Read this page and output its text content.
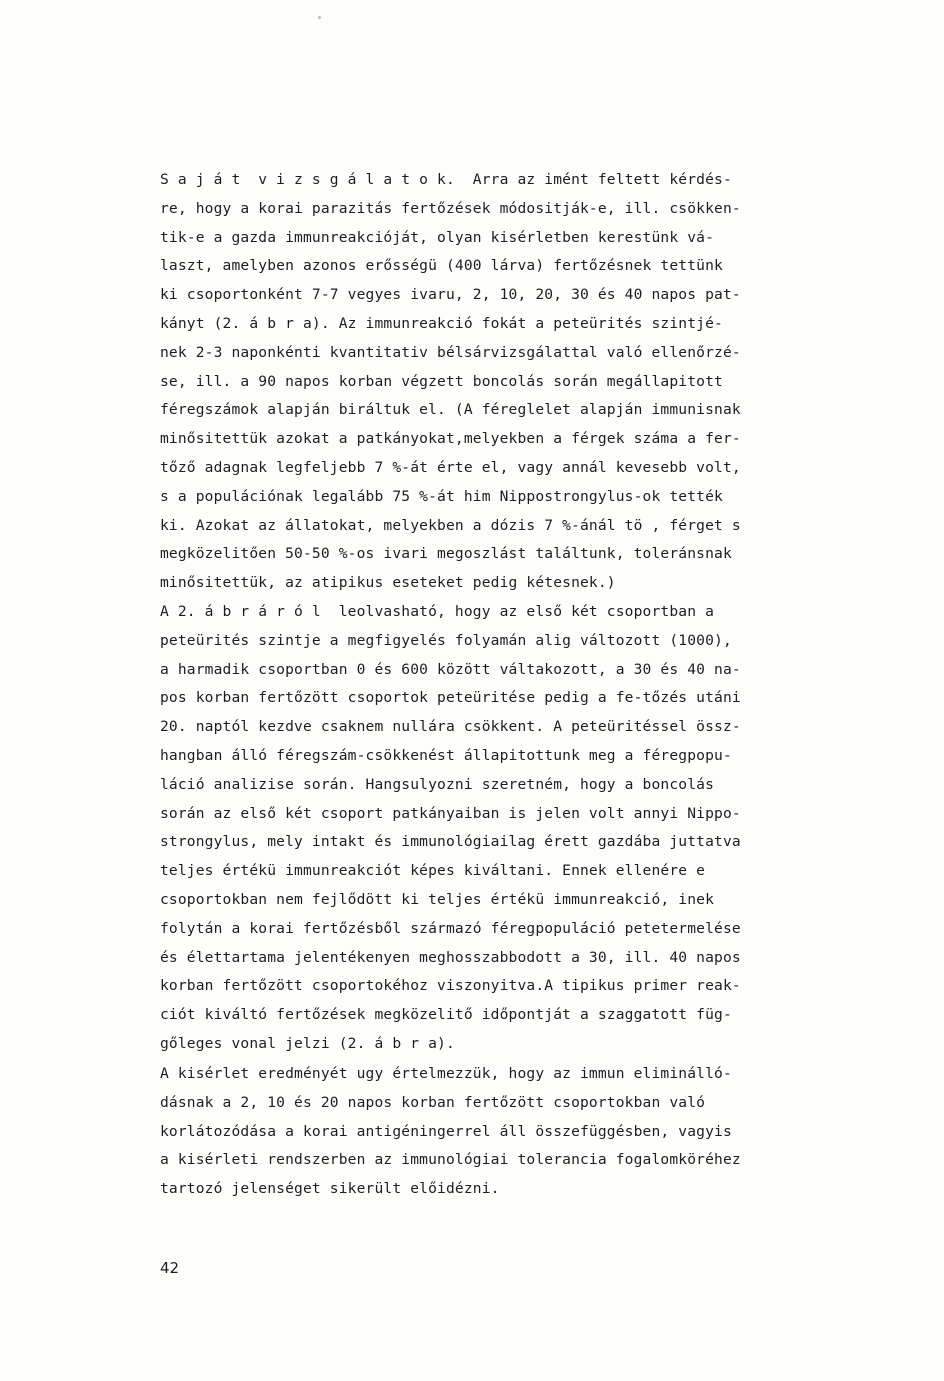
S a j á t  v i z s g á l a t o k.  Arra az imént feltett kérdés-
re, hogy a korai parazitás fertőzések módositják-e, ill. csökken-
tik-e a gazda immunreakcióját, olyan kisérletben kerestünk vá-
laszt, amelyben azonos erősségü (400 lárva) fertőzésnek tettünk
ki csoportonként 7-7 vegyes ivaru, 2, 10, 20, 30 és 40 napos pat-
kányt (2. á b r a). Az immunreakció fokát a peteürités szintjé-
nek 2-3 naponkénti kvantitativ bélsárvizsgálattal való ellenőrzé-
se, ill. a 90 napos korban végzett boncolás során megállapitott
féregszámok alapján biráltuk el. (A féreglelet alapján immunisnak
minősitettük azokat a patkányokat,melyekben a férgek száma a fer-
tőző adagnak legfeljebb 7 %-át érte el, vagy annál kevesebb volt,
s a populációnak legalább 75 %-át him Nippostrongylus-ok tették
ki. Azokat az állatokat, melyekben a dózis 7 %-ánál tö , férget s
megközelitően 50-50 %-os ivari megoszlást találtunk, toleránsnak
minősitettük, az atipikus eseteket pedig kétesnek.)
A 2. á b r á r ó l  leolvasható, hogy az első két csoportban a
peteürités szintje a megfigyelés folyamán alig változott (1000),
a harmadik csoportban 0 és 600 között váltakozott, a 30 és 40 na-
pos korban fertőzött csoportok peteüritése pedig a fe-tőzés utáni
20. naptól kezdve csaknem nullára csökkent. A peteüritéssel össz-
hangban álló féregszám-csökkenést állapitottunk meg a féregpopu-
láció analizise során. Hangsulyozni szeretném, hogy a boncolás
során az első két csoport patkányaiban is jelen volt annyi Nippo-
strongylus, mely intakt és immunológiailag érett gazdába juttatva
teljes értékü immunreakciót képes kiváltani. Ennek ellenére e
csoportokban nem fejlődött ki teljes értékü immunreakció, inek
folytán a korai fertőzésből származó féregpopuláció petetermelése
és élettartama jelentékenyen meghosszabbodott a 30, ill. 40 napos
korban fertőzött csoportokéhoz viszonyitva.A tipikus primer reak-
ciót kiváltó fertőzések megközelitő időpontját a szaggatott füg-
gőleges vonal jelzi (2. á b r a).
A kisérlet eredményét ugy értelmezzük, hogy az immun eliminálló-
dásnak a 2, 10 és 20 napos korban fertőzött csoportokban való
korlátozódása a korai antigéningerrel áll összefüggésben, vagyis
a kisérleti rendszerben az immunológiai tolerancia fogalomköréhez
tartozó jelenséget sikerült előidézni.
42
